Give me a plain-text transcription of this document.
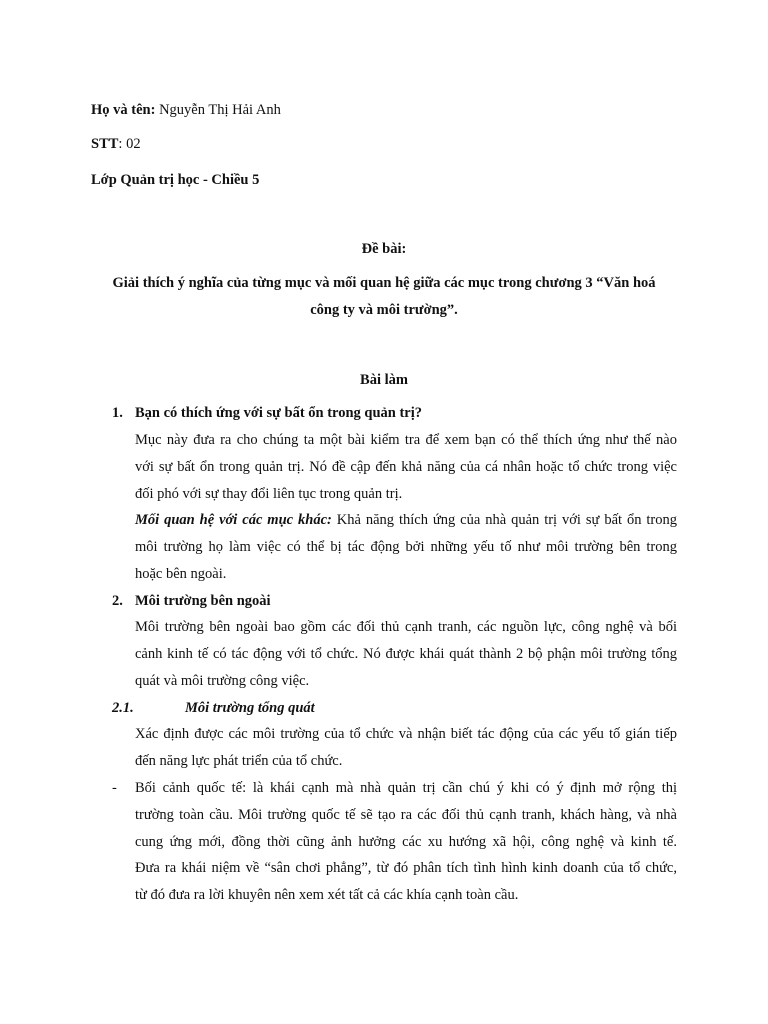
Họ và tên: Nguyễn Thị Hải Anh
STT: 02
Lớp Quản trị học - Chiều 5
Đề bài:
Giải thích ý nghĩa của từng mục và mối quan hệ giữa các mục trong chương 3 “Văn hoá
công ty và môi trường”.
Bài làm
1. Bạn có thích ứng với sự bất ổn trong quản trị?
Mục này đưa ra cho chúng ta một bài kiểm tra để xem bạn có thể thích ứng như thế nào
với sự bất ổn trong quản trị. Nó đề cập đến khả năng của cá nhân hoặc tổ chức trong việc
đối phó với sự thay đổi liên tục trong quản trị.
Mối quan hệ với các mục khác: Khả năng thích ứng của nhà quản trị với sự bất ổn trong
môi trường họ làm việc có thể bị tác động bởi những yếu tố như môi trường bên trong
hoặc bên ngoài.
2. Môi trường bên ngoài
Môi trường bên ngoài bao gồm các đối thủ cạnh tranh, các nguồn lực, công nghệ và bối
cảnh kinh tế có tác động với tổ chức. Nó được khái quát thành 2 bộ phận môi trường tổng
quát và môi trường công việc.
2.1.	Môi trường tổng quát
Xác định được các môi trường của tổ chức và nhận biết tác động của các yếu tố gián tiếp
đến năng lực phát triển của tổ chức.
- Bối cảnh quốc tế: là khái cạnh mà nhà quản trị cần chú ý khi có ý định mở rộng thị
trường toàn cầu. Môi trường quốc tế sẽ tạo ra các đối thủ cạnh tranh, khách hàng, và nhà
cung ứng mới, đồng thời cũng ảnh hưởng các xu hướng xã hội, công nghệ và kinh tế.
Đưa ra khái niệm về “sân chơi phẳng”, từ đó phân tích tình hình kinh doanh của tổ chức,
từ đó đưa ra lời khuyên nên xem xét tất cả các khía cạnh toàn cầu.
